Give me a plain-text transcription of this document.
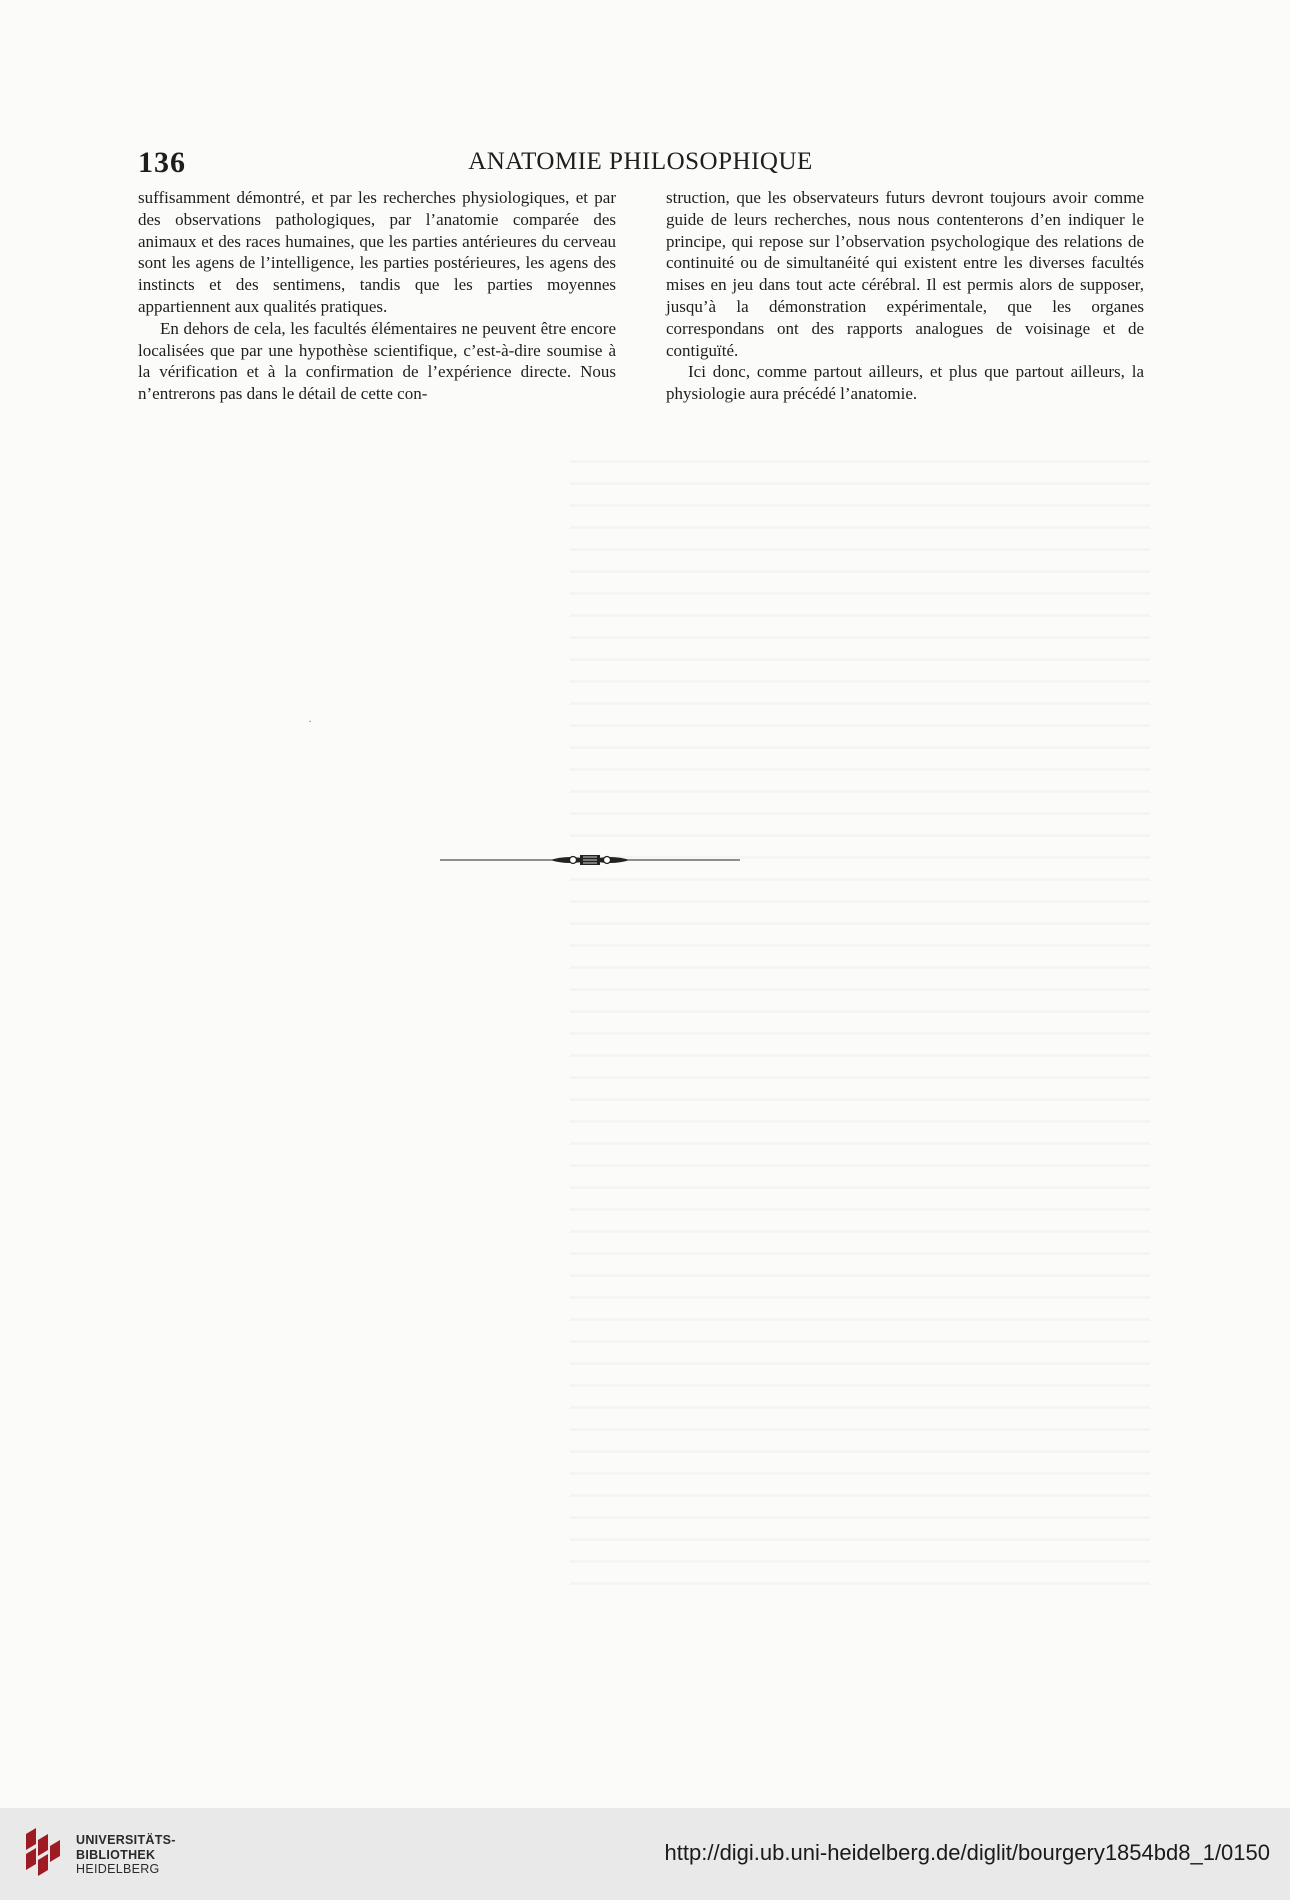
136	ANATOMIE PHILOSOPHIQUE

suffisamment démontré, et par les recherches physiologiques, et par des observations pathologiques, par l’anatomie comparée des animaux et des races humaines, que les parties antérieures du cerveau sont les agens de l’intelligence, les parties postérieures, les agens des instincts et des sentimens, tandis que les parties moyennes appartiennent aux qualités pratiques.

En dehors de cela, les facultés élémentaires ne peuvent être encore localisées que par une hypothèse scientifique, c’est-à-dire soumise à la vérification et à la confirmation de l’expérience directe. Nous n’entrerons pas dans le détail de cette con-

struction, que les observateurs futurs devront toujours avoir comme guide de leurs recherches, nous nous contenterons d’en indiquer le principe, qui repose sur l’observation psychologique des relations de continuité ou de simultanéité qui existent entre les diverses facultés mises en jeu dans tout acte cérébral. Il est permis alors de supposer, jusqu’à la démonstration expérimentale, que les organes correspondans ont des rapports analogues de voisinage et de contiguïté.

Ici donc, comme partout ailleurs, et plus que partout ailleurs, la physiologie aura précédé l’anatomie.

·
UNIVERSITÄTS-
BIBLIOTHEK
HEIDELBERG
http://digi.ub.uni-heidelberg.de/diglit/bourgery1854bd8_1/0150
